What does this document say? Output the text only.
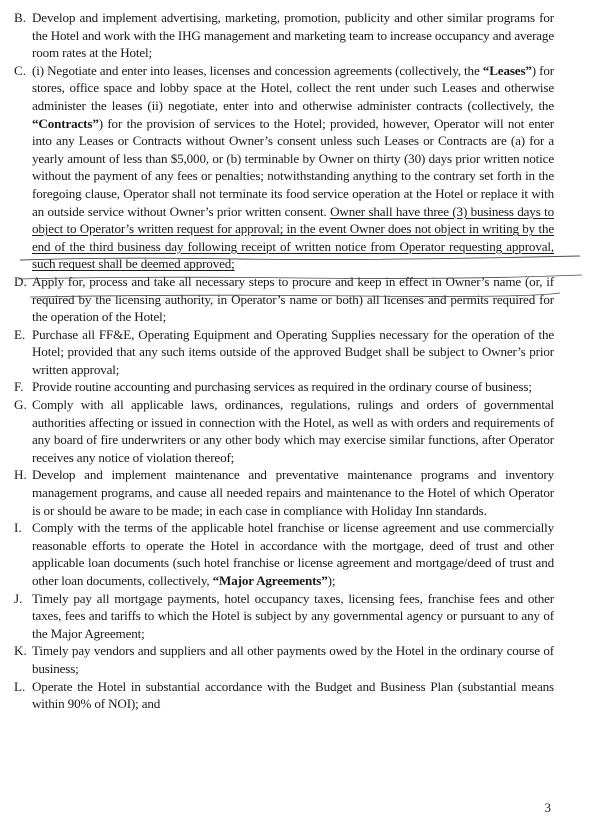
B. Develop and implement advertising, marketing, promotion, publicity and other similar programs for the Hotel and work with the IHG management and marketing team to increase occupancy and average room rates at the Hotel;

C. (i) Negotiate and enter into leases, licenses and concession agreements (collectively, the “Leases”) for stores, office space and lobby space at the Hotel, collect the rent under such Leases and otherwise administer the leases (ii) negotiate, enter into and otherwise administer contracts (collectively, the “Contracts”) for the provision of services to the Hotel; provided, however, Operator will not enter into any Leases or Contracts without Owner’s consent unless such Leases or Contracts are (a) for a yearly amount of less than $5,000, or (b) terminable by Owner on thirty (30) days prior written notice without the payment of any fees or penalties; notwithstanding anything to the contrary set forth in the foregoing clause, Operator shall not terminate its food service operation at the Hotel or replace it with an outside service without Owner’s prior written consent. Owner shall have three (3) business days to object to Operator’s written request for approval; in the event Owner does not object in writing by the end of the third business day following receipt of written notice from Operator requesting approval, such request shall be deemed approved;

D. Apply for, process and take all necessary steps to procure and keep in effect in Owner’s name (or, if required by the licensing authority, in Operator’s name or both) all licenses and permits required for the operation of the Hotel;

E. Purchase all FF&E, Operating Equipment and Operating Supplies necessary for the operation of the Hotel; provided that any such items outside of the approved Budget shall be subject to Owner’s prior written approval;

F. Provide routine accounting and purchasing services as required in the ordinary course of business;

G. Comply with all applicable laws, ordinances, regulations, rulings and orders of governmental authorities affecting or issued in connection with the Hotel, as well as with orders and requirements of any board of fire underwriters or any other body which may exercise similar functions, after Operator receives any notice of violation thereof;

H. Develop and implement maintenance and preventative maintenance programs and inventory management programs, and cause all needed repairs and maintenance to the Hotel of which Operator is or should be aware to be made; in each case in compliance with Holiday Inn standards.

I. Comply with the terms of the applicable hotel franchise or license agreement and use commercially reasonable efforts to operate the Hotel in accordance with the mortgage, deed of trust and other applicable loan documents (such hotel franchise or license agreement and mortgage/deed of trust and other loan documents, collectively, “Major Agreements”);

J. Timely pay all mortgage payments, hotel occupancy taxes, licensing fees, franchise fees and other taxes, fees and tariffs to which the Hotel is subject by any governmental agency or pursuant to any of the Major Agreement;

K. Timely pay vendors and suppliers and all other payments owed by the Hotel in the ordinary course of business;

L. Operate the Hotel in substantial accordance with the Budget and Business Plan (substantial means within 90% of NOI); and

3
